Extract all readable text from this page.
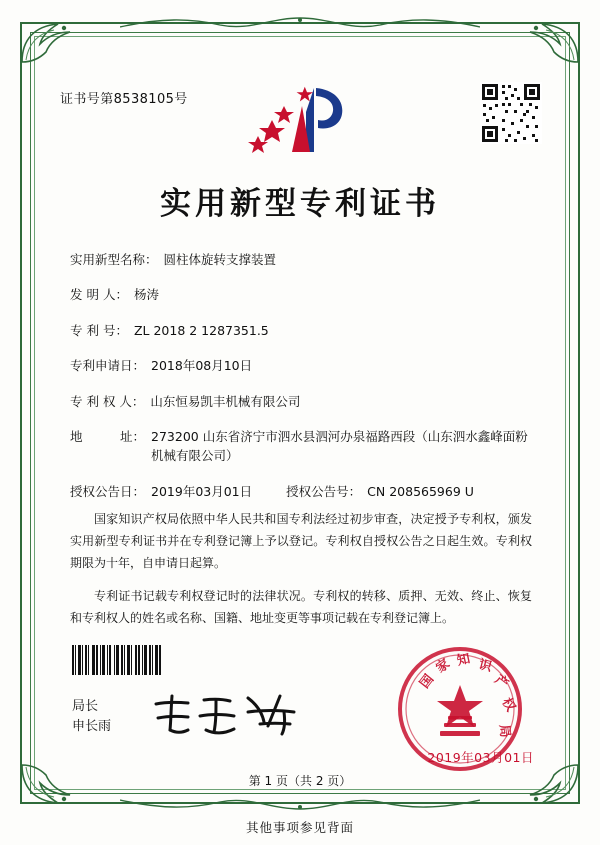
证书号第8538105号
实用新型专利证书
实用新型名称： 圆柱体旋转支撑装置
发 明 人： 杨涛
专 利 号： ZL 2018 2 1287351.5
专利申请日： 2018年08月10日
专 利 权 人： 山东恒易凯丰机械有限公司
地　　　址： 273200 山东省济宁市泗水县泗河办泉福路西段（山东泗水鑫峰面粉机械有限公司）
授权公告日： 2019年03月01日	授权公告号： CN 208565969 U

国家知识产权局依照中华人民共和国专利法经过初步审查，决定授予专利权，颁发实用新型专利证书并在专利登记簿上予以登记。专利权自授权公告之日起生效。专利权期限为十年，自申请日起算。

专利证书记载专利权登记时的法律状况。专利权的转移、质押、无效、终止、恢复和专利权人的姓名或名称、国籍、地址变更等事项记载在专利登记簿上。

局长
申长雨
国
家 知 识
产
权
局
2019年03月01日
第 1 页（共 2 页）
其他事项参见背面
